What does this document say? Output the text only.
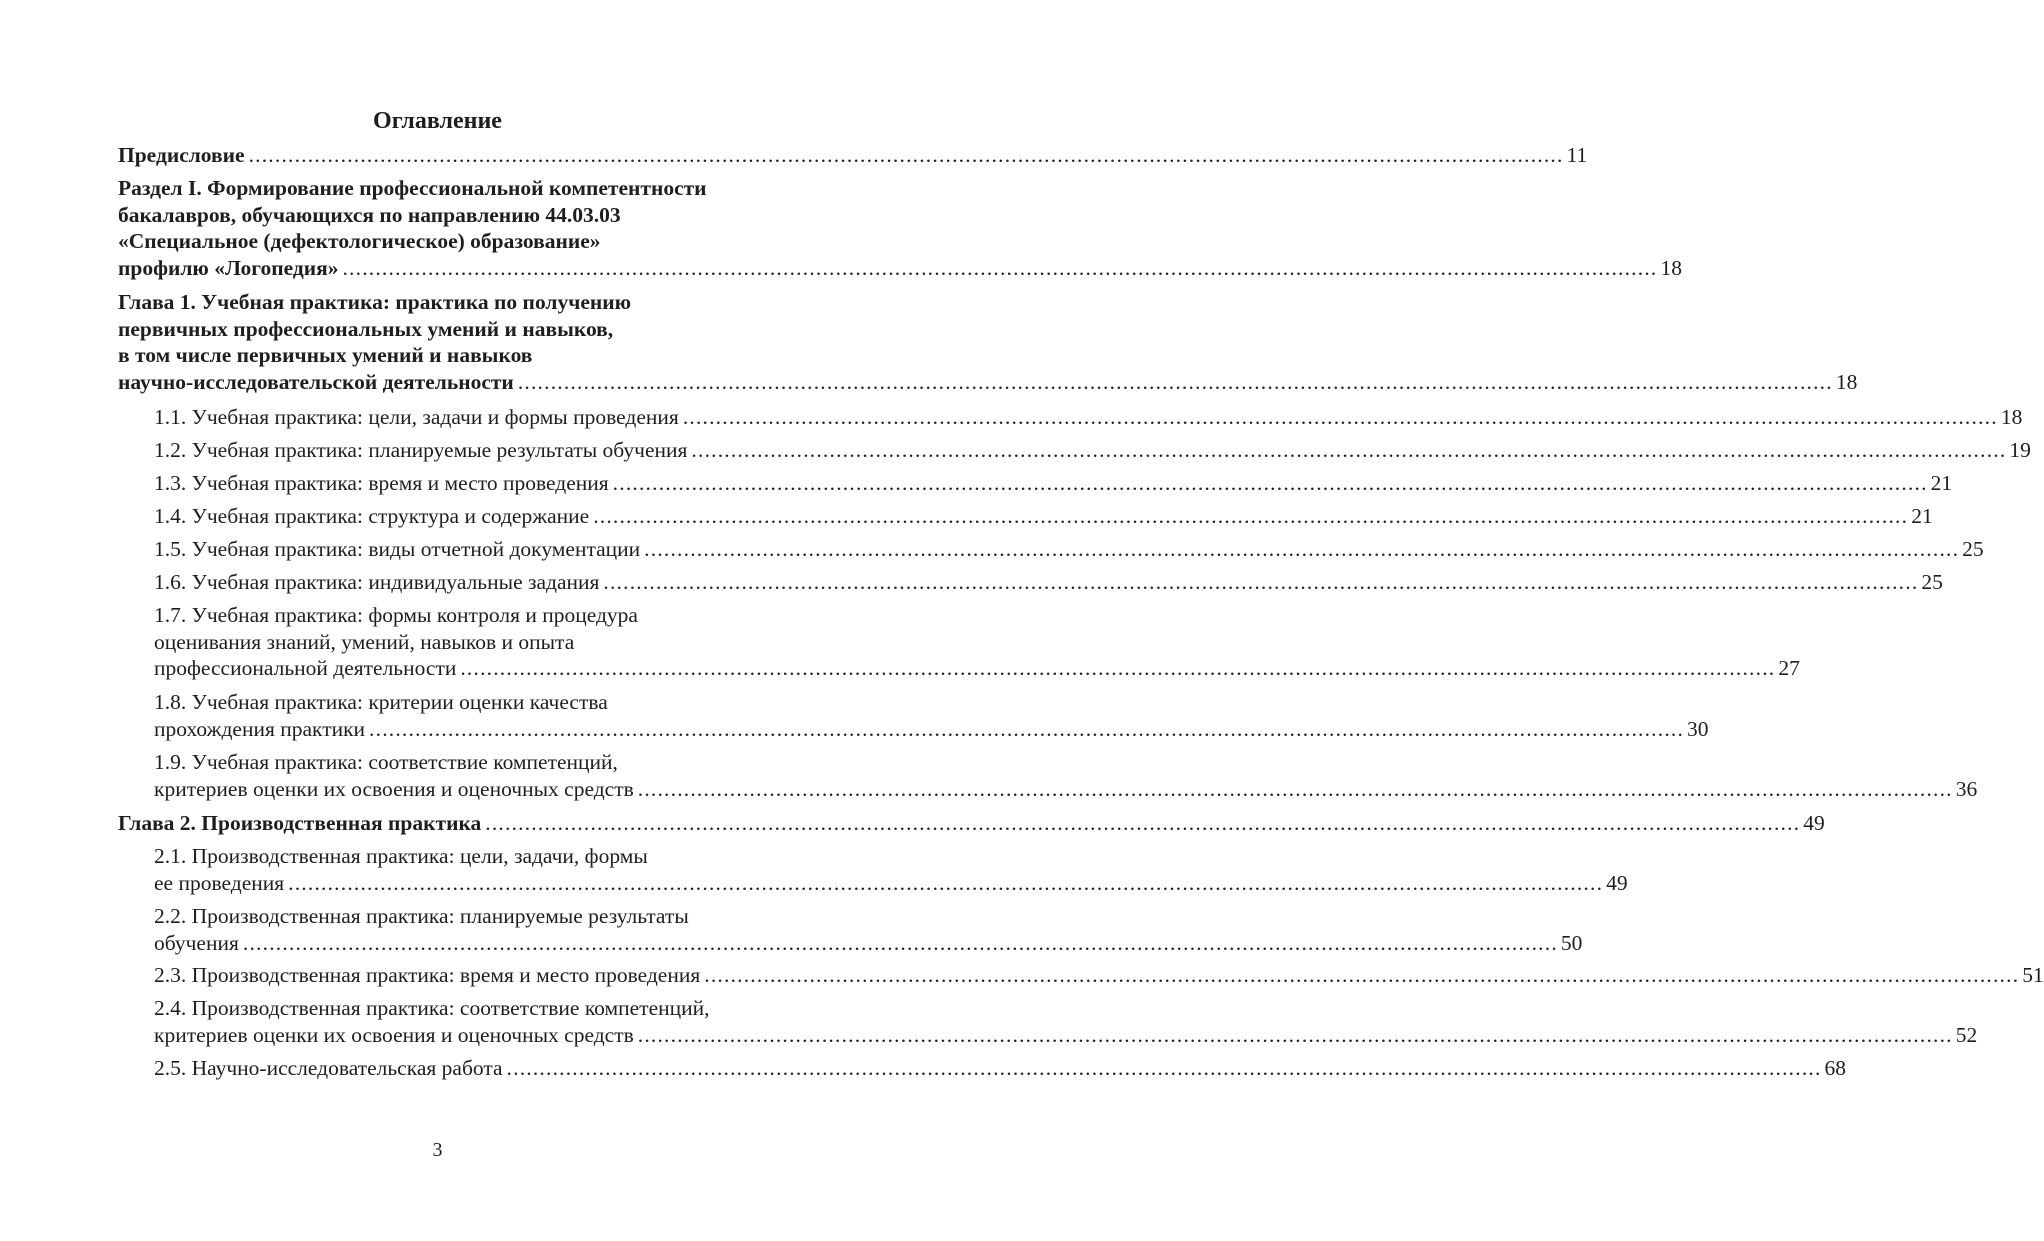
Оглавление
Предисловие ........................................................................................................................................................................................................ 11
Раздел I. Формирование профессиональной компетентности
бакалавров, обучающихся по направлению 44.03.03
«Специальное (дефектологическое) образование»
профилю «Логопедия» ........................................................................................................................................................................................................ 18
Глава 1. Учебная практика: практика по получению
первичных профессиональных умений и навыков,
в том числе первичных умений и навыков
научно-исследовательской деятельности ........................................................................................................................................................................................................ 18
1.1. Учебная практика: цели, задачи и формы проведения ........................................................................................................................................................................................................ 18
1.2. Учебная практика: планируемые результаты обучения ........................................................................................................................................................................................................ 19
1.3. Учебная практика: время и место проведения ........................................................................................................................................................................................................ 21
1.4. Учебная практика: структура и содержание ........................................................................................................................................................................................................ 21
1.5. Учебная практика: виды отчетной документации ........................................................................................................................................................................................................ 25
1.6. Учебная практика: индивидуальные задания ........................................................................................................................................................................................................ 25
1.7. Учебная практика: формы контроля и процедура
оценивания знаний, умений, навыков и опыта
профессиональной деятельности ........................................................................................................................................................................................................ 27
1.8. Учебная практика: критерии оценки качества
прохождения практики ........................................................................................................................................................................................................ 30
1.9. Учебная практика: соответствие компетенций,
критериев оценки их освоения и оценочных средств ........................................................................................................................................................................................................ 36
Глава 2. Производственная практика ........................................................................................................................................................................................................ 49
2.1. Производственная практика: цели, задачи, формы
ее проведения ........................................................................................................................................................................................................ 49
2.2. Производственная практика: планируемые результаты
обучения ........................................................................................................................................................................................................ 50
2.3. Производственная практика: время и место проведения ........................................................................................................................................................................................................ 51
2.4. Производственная практика: соответствие компетенций,
критериев оценки их освоения и оценочных средств ........................................................................................................................................................................................................ 52
2.5. Научно-исследовательская работа ........................................................................................................................................................................................................ 68
3
